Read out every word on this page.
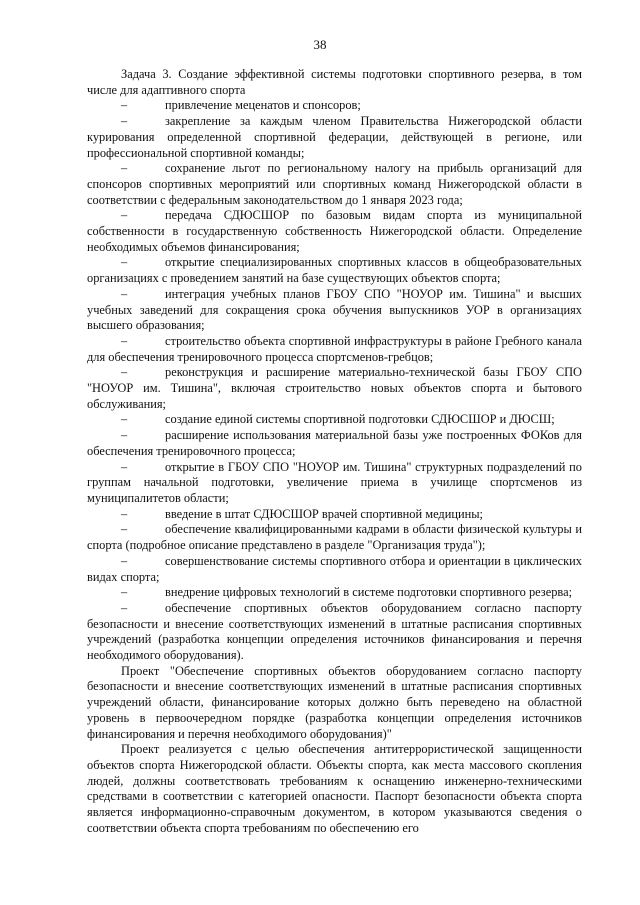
38

Задача 3. Создание эффективной системы подготовки спортивного резерва, в том числе для адаптивного спорта

–	привлечение меценатов и спонсоров;

–	закрепление за каждым членом Правительства Нижегородской области курирования определенной спортивной федерации, действующей в регионе, или профессиональной спортивной команды;

–	сохранение льгот по региональному налогу на прибыль организаций для спонсоров спортивных мероприятий или спортивных команд Нижегородской области в соответствии с федеральным законодательством до 1 января 2023 года;

–	передача СДЮСШОР по базовым видам спорта из муниципальной собственности в государственную собственность Нижегородской области. Определение необходимых объемов финансирования;

–	открытие специализированных спортивных классов в общеобразовательных организациях с проведением занятий на базе существующих объектов спорта;

–	интеграция учебных планов ГБОУ СПО "НОУОР им. Тишина" и высших учебных заведений для сокращения срока обучения выпускников УОР в организациях высшего образования;

–	строительство объекта спортивной инфраструктуры в районе Гребного канала для обеспечения тренировочного процесса спортсменов-гребцов;

–	реконструкция и расширение материально-технической базы ГБОУ СПО "НОУОР им. Тишина", включая строительство новых объектов спорта и бытового обслуживания;

–	создание единой системы спортивной подготовки СДЮСШОР и ДЮСШ;

–	расширение использования материальной базы уже построенных ФОКов для обеспечения тренировочного процесса;

–	открытие в ГБОУ СПО "НОУОР им. Тишина" структурных подразделений по группам начальной подготовки, увеличение приема в училище спортсменов из муниципалитетов области;

–	введение в штат СДЮСШОР врачей спортивной медицины;

–	обеспечение квалифицированными кадрами в области физической культуры и спорта (подробное описание представлено в разделе "Организация труда");

–	совершенствование системы спортивного отбора и ориентации в циклических видах спорта;

–	внедрение цифровых технологий в системе подготовки спортивного резерва;

–	обеспечение спортивных объектов оборудованием согласно паспорту безопасности и внесение соответствующих изменений в штатные расписания спортивных учреждений (разработка концепции определения источников финансирования и перечня необходимого оборудования).

Проект "Обеспечение спортивных объектов оборудованием согласно паспорту безопасности и внесение соответствующих изменений в штатные расписания спортивных учреждений области, финансирование которых должно быть переведено на областной уровень в первоочередном порядке (разработка концепции определения источников финансирования и перечня необходимого оборудования)"

Проект реализуется с целью обеспечения антитеррористической защищенности объектов спорта Нижегородской области. Объекты спорта, как места массового скопления людей, должны соответствовать требованиям к оснащению инженерно-техническими средствами в соответствии с категорией опасности. Паспорт безопасности объекта спорта является информационно-справочным документом, в котором указываются сведения о соответствии объекта спорта требованиям по обеспечению его
